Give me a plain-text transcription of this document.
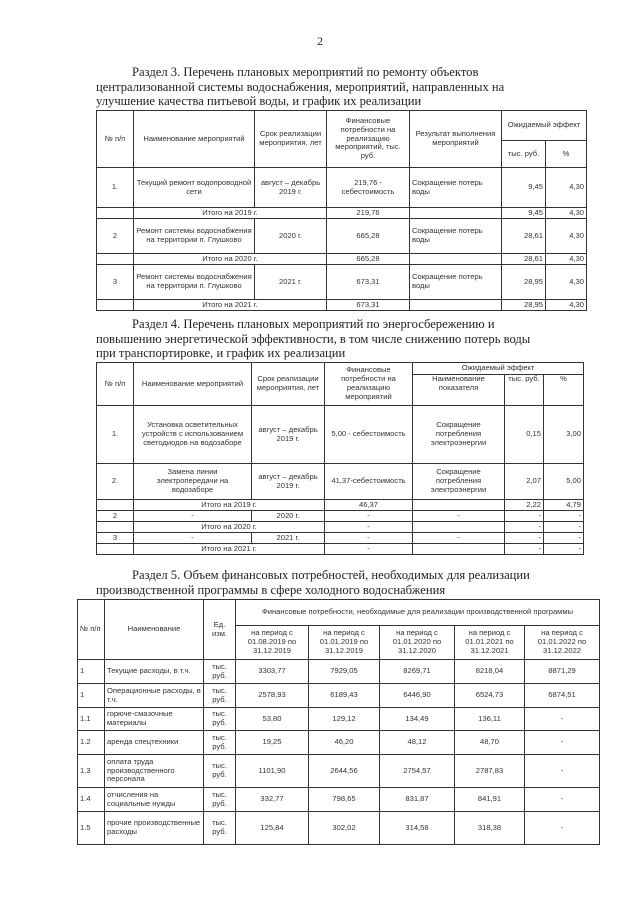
2
Раздел 3. Перечень плановых мероприятий по ремонту объектов
централизованной системы водоснабжения, мероприятий, направленных на
улучшение качества питьевой воды, и график их реализации
№ п/п	Наименование мероприятий	Срок реализации мероприятия, лет	Финансовые потребности на реализацию мероприятий, тыс. руб.	Результат выполнения мероприятий	Ожидаемый эффект	
					тыс. руб.	%
1.	Текущий ремонт водопроводной сети	август – декабрь 2019 г.	219,76 - себестоимость	Сокращение потерь воды	9,45	4,30
	Итого на 2019 г.		219,76		9,45	4,30
2	Ремонт системы водоснабжения на территории п. Глушково	2020 г.	665,28	Сокращение потерь воды	28,61	4,30
	Итого на 2020 г.		665,28		28,61	4,30
3	Ремонт системы водоснабжения на территории п. Глушково	2021 г.	673,31	Сокращение потерь воды	28,95	4,30
	Итого на 2021 г.		673,31		28,95	4,30
Раздел 4. Перечень плановых мероприятий по энергосбережению и
повышению энергетической эффективности, в том числе снижению потерь воды
при транспортировке, и график их реализации
№ п/п	Наименование мероприятий	Срок реализации мероприятия, лет	Финансовые потребности на реализацию мероприятий	Ожидаемый эффект		
				Наименование показателя	тыс. руб.	%
1.	Установка осветительных устройств с использованием светодиодов на водозаборе	август – декабрь 2019 г.	5,00 - себестоимость	Сокращение потребления электроэнергии	0,15	3,00
2.	Замена линии электропередачи на водозаборе	август – декабрь 2019 г.	41,37-себестоимость	Сокращение потребления электроэнергии	2,07	5,00
	Итого на 2019 г.		46,37		2,22	4,79
2	-	2020 г.	-	-	-	-
	Итого на 2020 г.		-		-	-
3	-	2021 г.	-	-	-	-
	Итого на 2021 г.		-		-	-
Раздел 5. Объем финансовых потребностей, необходимых для реализации
производственной программы в сфере холодного водоснабжения
№ п/п	Наименование	Ед. изм.	Финансовые потребности, необходимые для реализации производственной программы				
			на период с 01.08.2019 по 31.12.2019	на период с 01.01.2019 по 31.12.2019	на период с 01.01.2020 по 31.12.2020	на период с 01.01.2021 по 31.12.2021	на период с 01.01.2022 по 31.12.2022
1	Текущие расходы, в т.ч.	тыс. руб.	3303,77	7929,05	8269,71	8218,04	8871,29
1	Операционные расходы, в т.ч.	тыс. руб.	2578,93	6189,43	6446,90	6524,73	6874,51
1.1	горюче-смазочные материалы	тыс. руб.	53,80	129,12	134,49	136,11	-
1.2	аренда спецтехники	тыс. руб.	19,25	46,20	48,12	48,70	-
1.3	оплата труда производственного персонала	тыс. руб.	1101,90	2644,56	2754,57	2787,83	-
1.4	отчисления на социальные нужды	тыс. руб.	332,77	798,65	831,87	841,91	-
1.5	прочие производственные расходы	тыс. руб.	125,84	302,02	314,58	318,38	-
